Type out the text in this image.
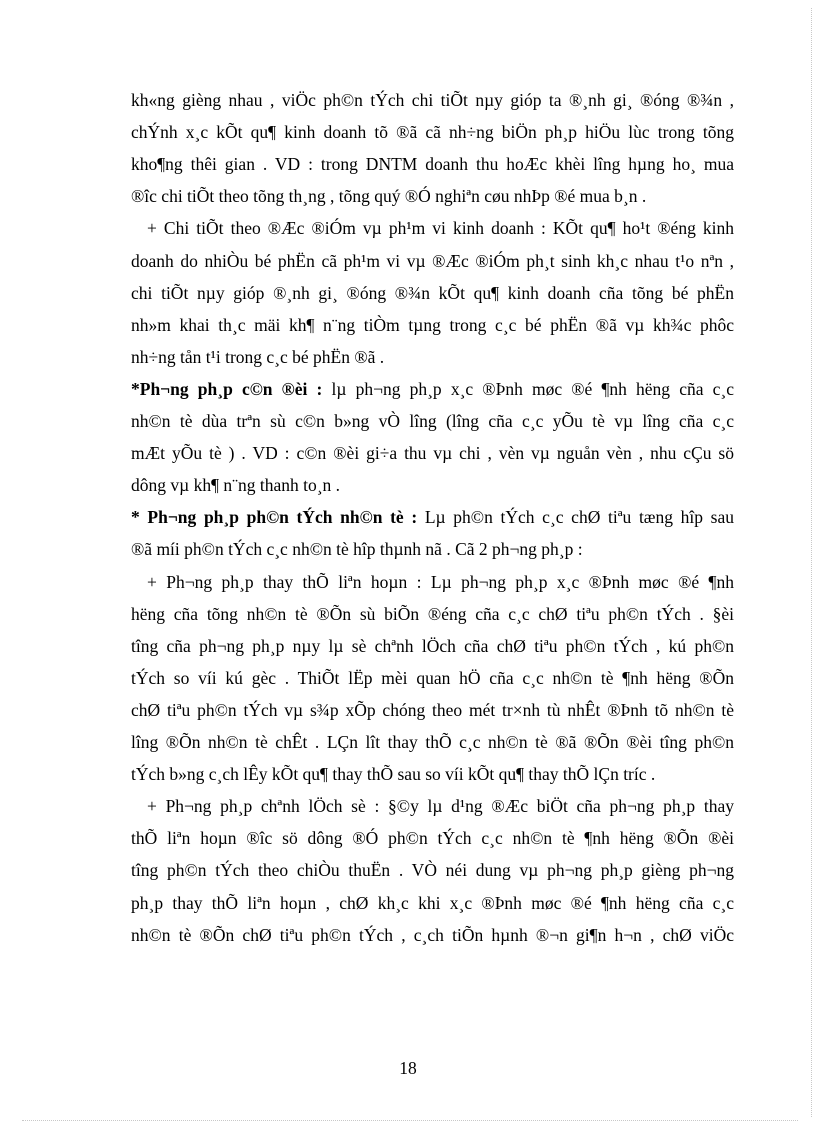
kh«ng gièng nhau , viÖc ph©n tÝch chi tiÕt nµy gióp ta ®¸nh gi¸ ®óng ®¾n ,
chÝnh x¸c kÕt qu¶ kinh doanh tõ ®ã cã nh÷ng biÖn ph¸p hiÖu lùc trong tõng
kho¶ng thêi gian . VD : trong DNTM doanh thu hoÆc khèi lîng hµng ho¸ mua
®îc chi tiÕt theo tõng th¸ng , tõng quý ®Ó nghiªn cøu nhÞp ®é mua b¸n .
+ Chi tiÕt theo ®Æc ®iÓm vµ ph¹m vi kinh doanh : KÕt qu¶ ho¹t ®éng kinh
doanh do nhiÒu bé phËn cã ph¹m vi vµ ®Æc ®iÓm ph¸t sinh kh¸c nhau t¹o nªn ,
chi tiÕt nµy gióp ®¸nh gi¸ ®óng ®¾n kÕt qu¶ kinh doanh cña tõng bé phËn
nh»m khai th¸c mäi kh¶ n¨ng tiÒm tµng trong c¸c bé phËn ®ã vµ kh¾c phôc
nh÷ng tån t¹i trong c¸c bé phËn ®ã .
*Ph¬ng ph¸p c©n ®èi : lµ ph¬ng ph¸p x¸c ®Þnh møc ®é ¶nh hëng cña c¸c
nh©n tè dùa trªn sù c©n b»ng vÒ lîng (lîng cña c¸c yÕu tè vµ lîng cña c¸c
mÆt yÕu tè ) . VD : c©n ®èi gi÷a thu vµ chi , vèn vµ nguån vèn , nhu cÇu sö
dông vµ kh¶ n¨ng thanh to¸n .
* Ph¬ng ph¸p ph©n tÝch nh©n tè : Lµ ph©n tÝch c¸c chØ tiªu tæng hîp sau
®ã míi ph©n tÝch c¸c nh©n tè hîp thµnh nã . Cã 2 ph¬ng ph¸p :
+ Ph¬ng ph¸p thay thÕ liªn hoµn : Lµ ph¬ng ph¸p x¸c ®Þnh møc ®é ¶nh
hëng cña tõng nh©n tè ®Õn sù biÕn ®éng cña c¸c chØ tiªu ph©n tÝch . §èi
tîng cña ph¬ng ph¸p nµy lµ sè chªnh lÖch cña chØ tiªu ph©n tÝch , kú ph©n
tÝch so víi kú gèc . ThiÕt lËp mèi quan hÖ cña c¸c nh©n tè ¶nh hëng ®Õn
chØ tiªu ph©n tÝch vµ s¾p xÕp chóng theo mét tr×nh tù nhÊt ®Þnh tõ nh©n tè
lîng ®Õn nh©n tè chÊt . LÇn lît thay thÕ c¸c nh©n tè ®ã ®Õn ®èi tîng ph©n
tÝch b»ng c¸ch lÊy kÕt qu¶ thay thÕ sau so víi kÕt qu¶ thay thÕ lÇn tríc .
+ Ph¬ng ph¸p chªnh lÖch sè : §©y lµ d¹ng ®Æc biÖt cña ph¬ng ph¸p thay
thÕ liªn hoµn ®îc sö dông ®Ó ph©n tÝch c¸c nh©n tè ¶nh hëng ®Õn ®èi
tîng ph©n tÝch theo chiÒu thuËn . VÒ néi dung vµ ph¬ng ph¸p gièng ph¬ng
ph¸p thay thÕ liªn hoµn , chØ kh¸c khi x¸c ®Þnh møc ®é ¶nh hëng cña c¸c
nh©n tè ®Õn chØ tiªu ph©n tÝch , c¸ch tiÕn hµnh ®¬n gi¶n h¬n , chØ viÖc
18
